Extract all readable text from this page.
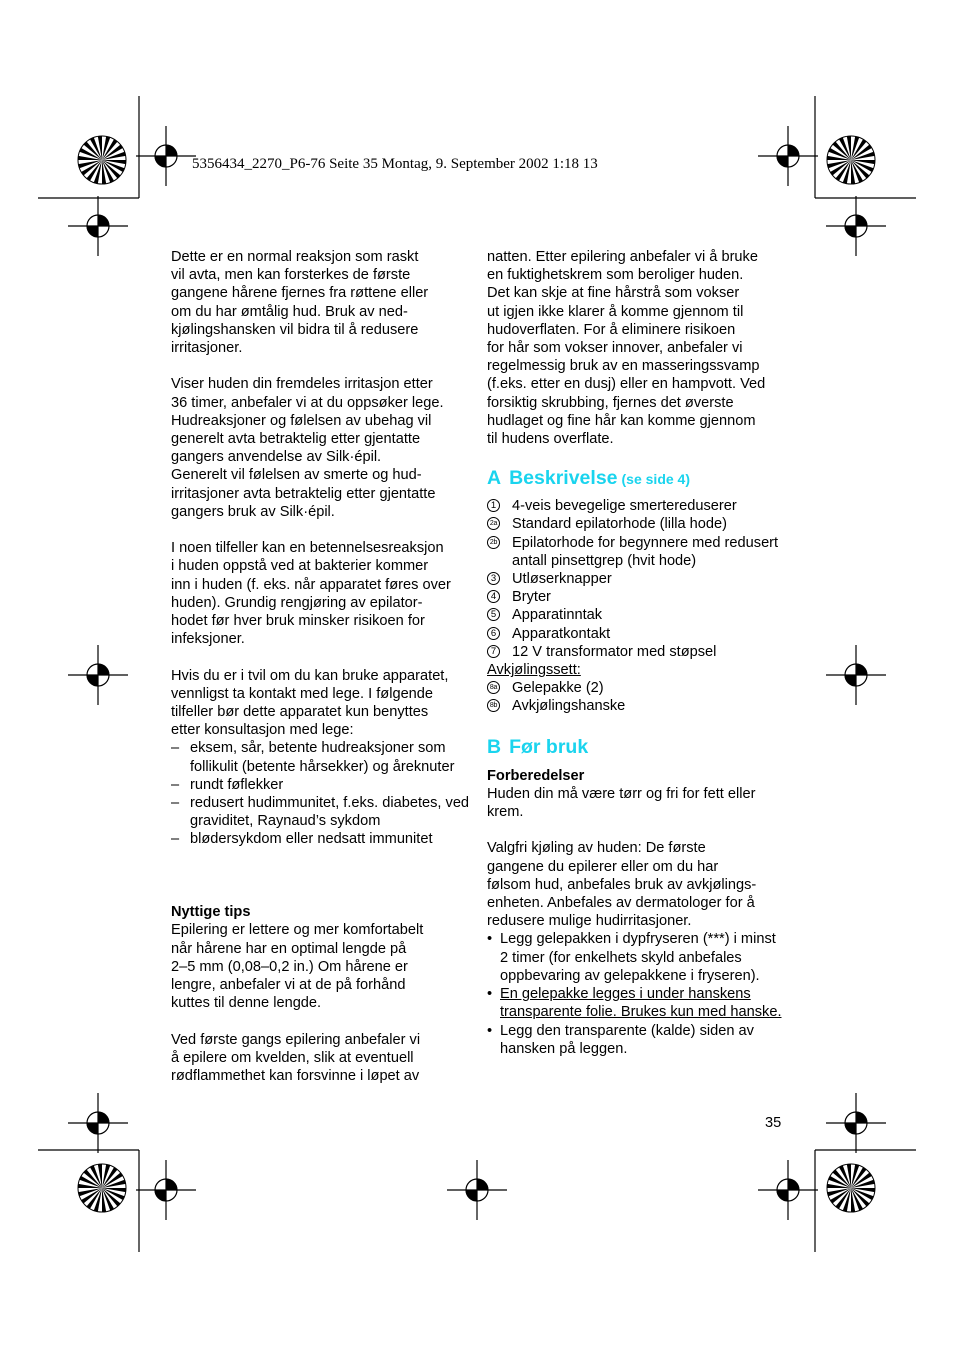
5356434_2270_P6-76 Seite 35 Montag, 9. September 2002 1:18 13

Dette er en normal reaksjon som raskt
vil avta, men kan forsterkes de første
gangene hårene fjernes fra røttene eller
om du har ømtålig hud. Bruk av ned-
kjølingshansken vil bidra til å redusere
irritasjoner.

Viser huden din fremdeles irritasjon etter
36 timer, anbefaler vi at du oppsøker lege.
Hudreaksjoner og følelsen av ubehag vil
generelt avta betraktelig etter gjentatte
gangers anvendelse av Silk·épil.
Generelt vil følelsen av smerte og hud-
irritasjoner avta betraktelig etter gjentatte
gangers bruk av Silk·épil.

I noen tilfeller kan en betennelsesreaksjon
i huden oppstå ved at bakterier kommer
inn i huden (f. eks. når apparatet føres over
huden). Grundig rengjøring av epilator-
hodet før hver bruk minsker risikoen for
infeksjoner.

Hvis du er i tvil om du kan bruke apparatet,
vennligst ta kontakt med lege. I følgende
tilfeller bør dette apparatet kun benyttes
etter konsultasjon med lege:

– eksem, sår, betente hudreaksjoner som follikulit (betente hårsekker) og åreknuter
– rundt føflekker
– redusert hudimmunitet, f.eks. diabetes, ved graviditet, Raynaud’s sykdom
– blødersykdom eller nedsatt immunitet

Nyttige tips

Epilering er lettere og mer komfortabelt
når hårene har en optimal lengde på
2–5 mm (0,08–0,2 in.) Om hårene er
lengre, anbefaler vi at de på forhånd
kuttes til denne lengde.

Ved første gangs epilering anbefaler vi
å epilere om kvelden, slik at eventuell
rødflammethet kan forsvinne i løpet av

natten. Etter epilering anbefaler vi å bruke
en fuktighetskrem som beroliger huden.
Det kan skje at fine hårstrå som vokser
ut igjen ikke klarer å komme gjennom til
hudoverflaten. For å eliminere risikoen
for hår som vokser innover, anbefaler vi
regelmessig bruk av en masseringssvamp
(f.eks. etter en dusj) eller en hampvott. Ved
forsiktig skrubbing, fjernes det øverste
hudlaget og fine hår kan komme gjennom
til hudens overflate.

A Beskrivelse (se side 4)
1 4-veis bevegelige smertereduserer
2a Standard epilatorhode (lilla hode)
2b Epilatorhode for begynnere med redusert antall pinsettgrep (hvit hode)
3 Utløserknapper
4 Bryter
5 Apparatinntak
6 Apparatkontakt
7 12 V transformator med støpsel

Avkjølingssett:

8a Gelepakke (2)
8b Avkjølingshanske
B Før bruk

Forberedelser

Huden din må være tørr og fri for fett eller
krem.

Valgfri kjøling av huden: De første
gangene du epilerer eller om du har
følsom hud, anbefales bruk av avkjølings-
enheten. Anbefales av dermatologer for å
redusere mulige hudirritasjoner.

• Legg gelepakken i dypfryseren (***) i minst 2 timer (for enkelhets skyld anbefales oppbevaring av gelepakkene i fryseren).
• En gelepakke legges i under hanskens transparente folie. Brukes kun med hanske.
• Legg den transparente (kalde) siden av hansken på leggen.
35
